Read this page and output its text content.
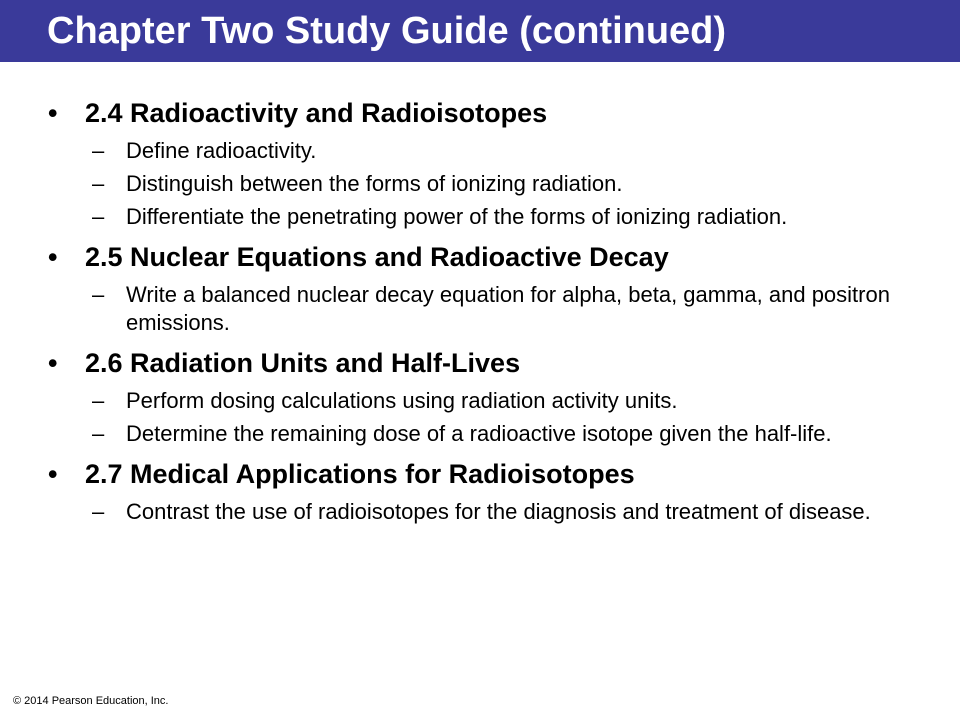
Chapter Two Study Guide (continued)
•	2.4 Radioactivity and Radioisotopes
– Define radioactivity.
– Distinguish between the forms of ionizing radiation.
– Differentiate the penetrating power of the forms of ionizing radiation.
•	2.5 Nuclear Equations and Radioactive Decay
– Write a balanced nuclear decay equation for alpha, beta, gamma, and positron emissions.
•	2.6 Radiation Units and Half-Lives
– Perform dosing calculations using radiation activity units.
– Determine the remaining dose of a radioactive isotope given the half-life.
•	2.7 Medical Applications for Radioisotopes
– Contrast the use of radioisotopes for the diagnosis and treatment of disease.
© 2014 Pearson Education, Inc.
